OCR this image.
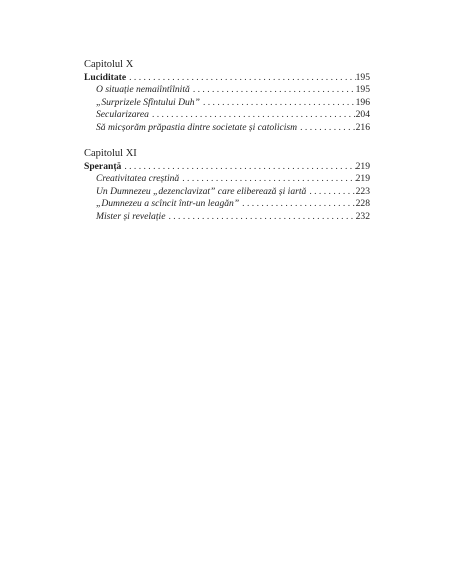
Capitolul X
Luciditate . . .	195
O situație nemaiîntîlnită . . .	195
„Surprizele Sfîntului Duh” . . .	196
Secularizarea . . .	204
Să micșorăm prăpastia dintre societate și catolicism . . .	216
Capitolul XI
Speranță . . .	219
Creativitatea creștină . . .	219
Un Dumnezeu „dezenclavizat” care eliberează și iartă . . .	223
„Dumnezeu a scîncit într-un leagăn” . . .	228
Mister și revelație . . .	232
